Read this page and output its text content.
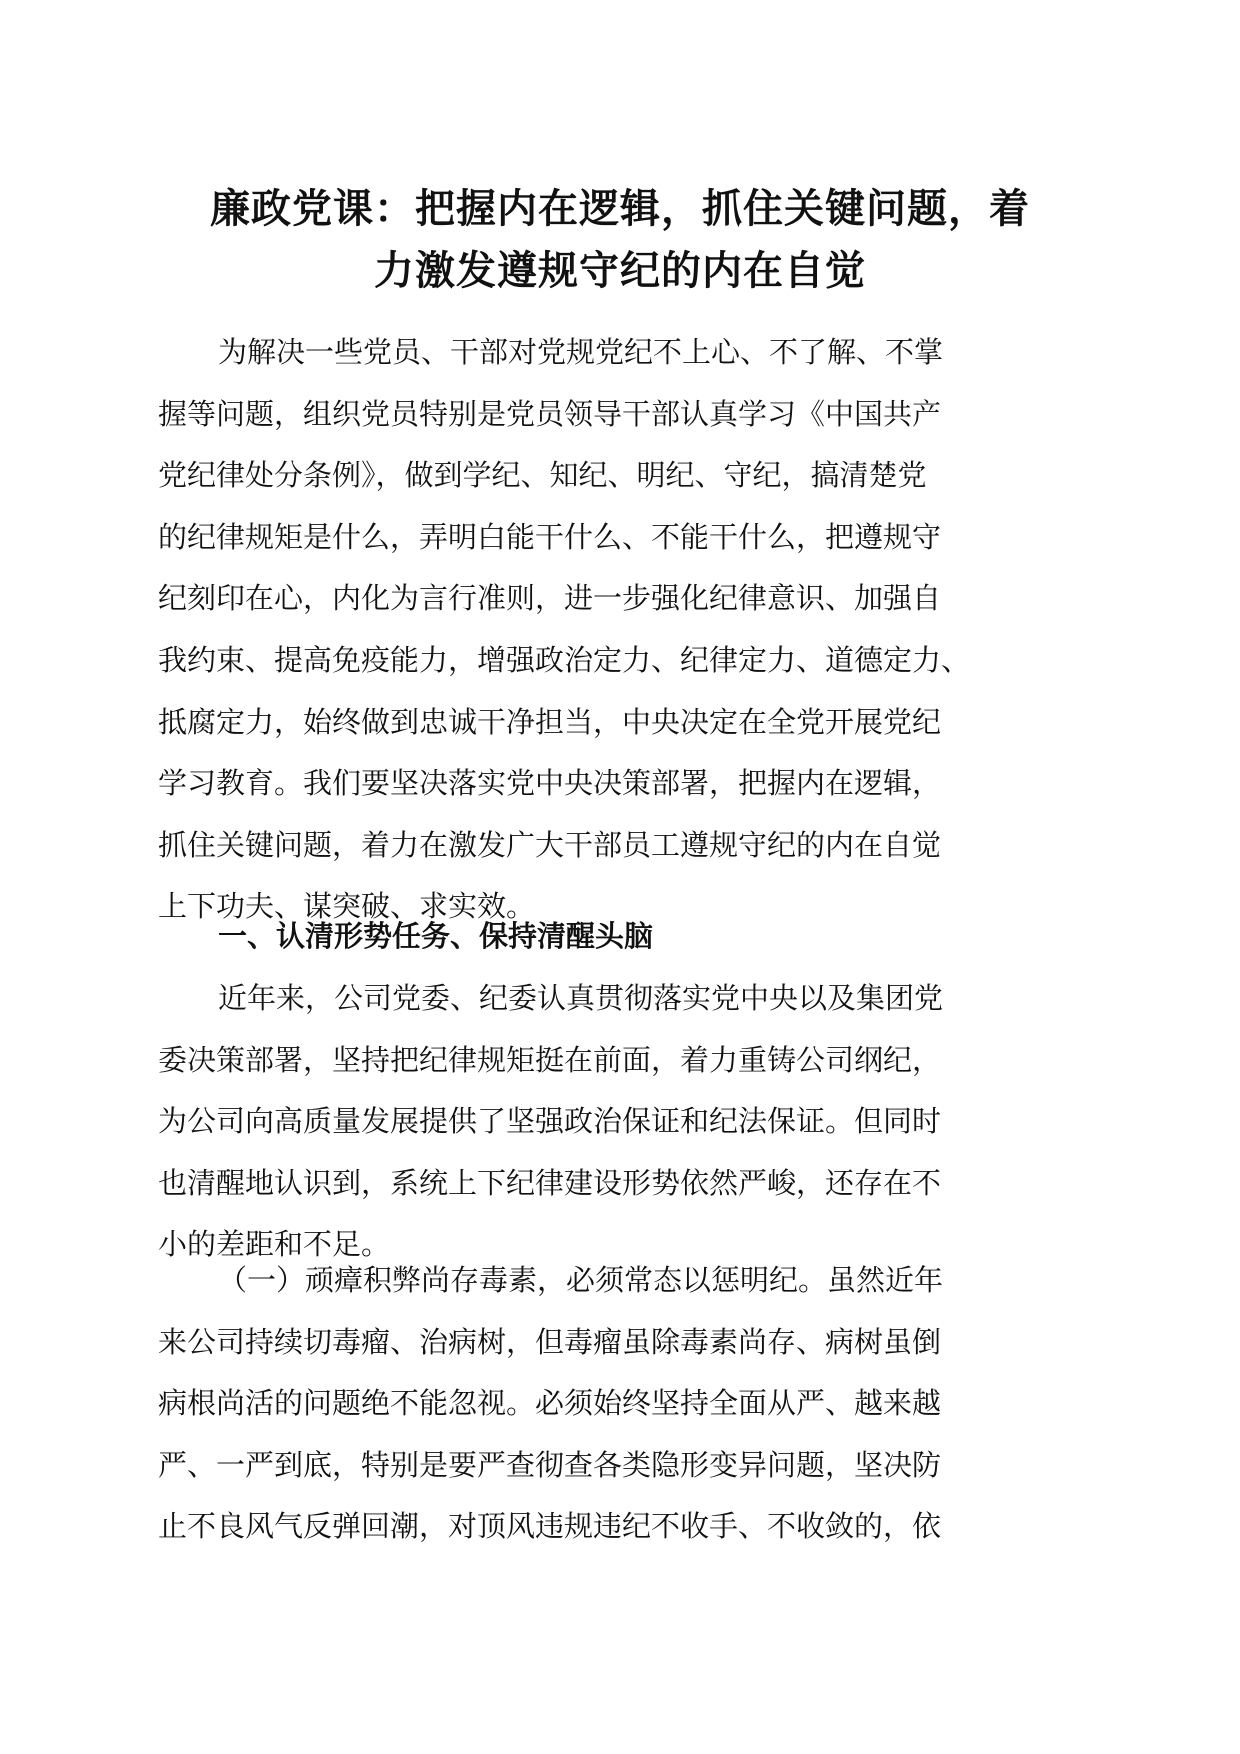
廉政党课：把握内在逻辑，抓住关键问题，着
力激发遵规守纪的内在自觉
为解决一些党员、干部对党规党纪不上心、不了解、不掌
握等问题，组织党员特别是党员领导干部认真学习《中国共产
党纪律处分条例》，做到学纪、知纪、明纪、守纪，搞清楚党
的纪律规矩是什么，弄明白能干什么、不能干什么，把遵规守
纪刻印在心，内化为言行准则，进一步强化纪律意识、加强自
我约束、提高免疫能力，增强政治定力、纪律定力、道德定力、
抵腐定力，始终做到忠诚干净担当，中央决定在全党开展党纪
学习教育。我们要坚决落实党中央决策部署，把握内在逻辑，
抓住关键问题，着力在激发广大干部员工遵规守纪的内在自觉
上下功夫、谋突破、求实效。
一、认清形势任务、保持清醒头脑
近年来，公司党委、纪委认真贯彻落实党中央以及集团党
委决策部署，坚持把纪律规矩挺在前面，着力重铸公司纲纪，
为公司向高质量发展提供了坚强政治保证和纪法保证。但同时
也清醒地认识到，系统上下纪律建设形势依然严峻，还存在不
小的差距和不足。
（一）顽瘴积弊尚存毒素，必须常态以惩明纪。虽然近年
来公司持续切毒瘤、治病树，但毒瘤虽除毒素尚存、病树虽倒
病根尚活的问题绝不能忽视。必须始终坚持全面从严、越来越
严、一严到底，特别是要严查彻查各类隐形变异问题，坚决防
止不良风气反弹回潮，对顶风违规违纪不收手、不收敛的，依
